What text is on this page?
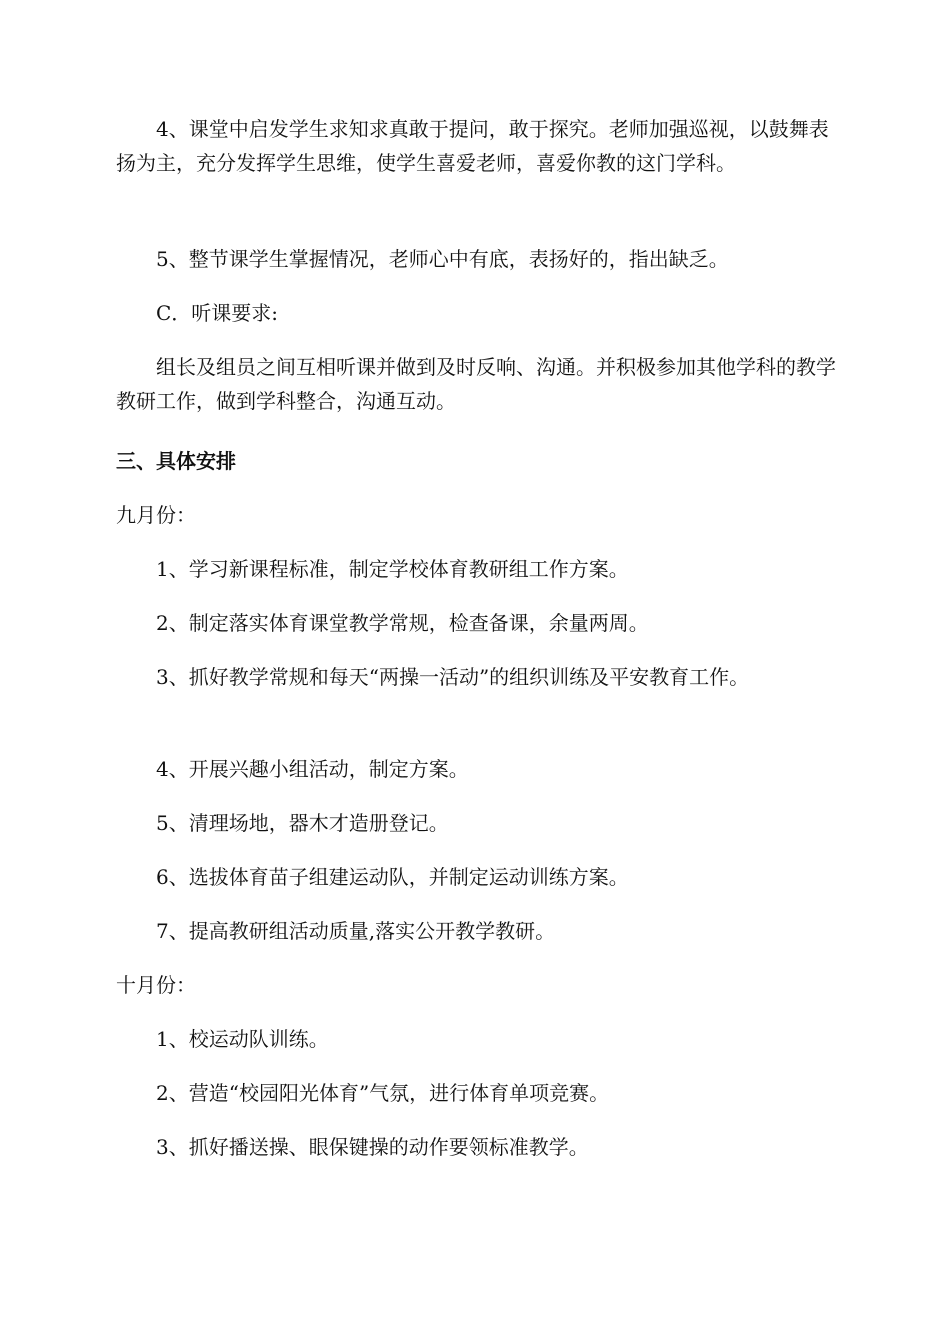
4、课堂中启发学生求知求真敢于提问，敢于探究。老师加强巡视，以鼓舞表扬为主，充分发挥学生思维，使学生喜爱老师，喜爱你教的这门学科。

5、整节课学生掌握情况，老师心中有底，表扬好的，指出缺乏。

C．听课要求:

组长及组员之间互相听课并做到及时反响、沟通。并积极参加其他学科的教学教研工作，做到学科整合，沟通互动。

三、具体安排

九月份：

1、学习新课程标准，制定学校体育教研组工作方案。

2、制定落实体育课堂教学常规，检查备课，余量两周。

3、抓好教学常规和每天“两操一活动”的组织训练及平安教育工作。

4、开展兴趣小组活动，制定方案。

5、清理场地，器木才造册登记。

6、选拔体育苗子组建运动队，并制定运动训练方案。

7、提高教研组活动质量,落实公开教学教研。

十月份：

1、校运动队训练。

2、营造“校园阳光体育”气氛，进行体育单项竞赛。

3、抓好播送操、眼保键操的动作要领标准教学。
